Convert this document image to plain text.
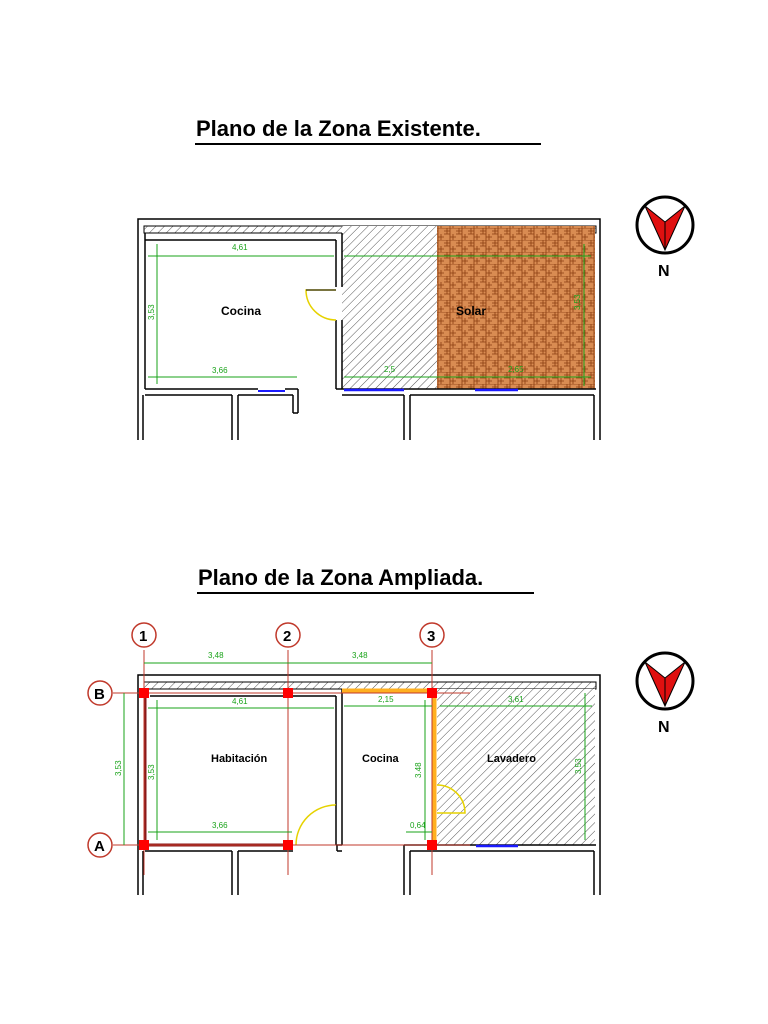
Plano de la Zona Existente.
Plano de la Zona Ampliada.
4,61
3,66
3,53
2,5	2,65
3,53
Cocina	Solar
N
1	2	3
B
A
3,48	3,48
4,61
3,66
3,53
3,53
2,15
3.48
0,64
3,61
3,53
Habitación	Cocina	Lavadero
N
